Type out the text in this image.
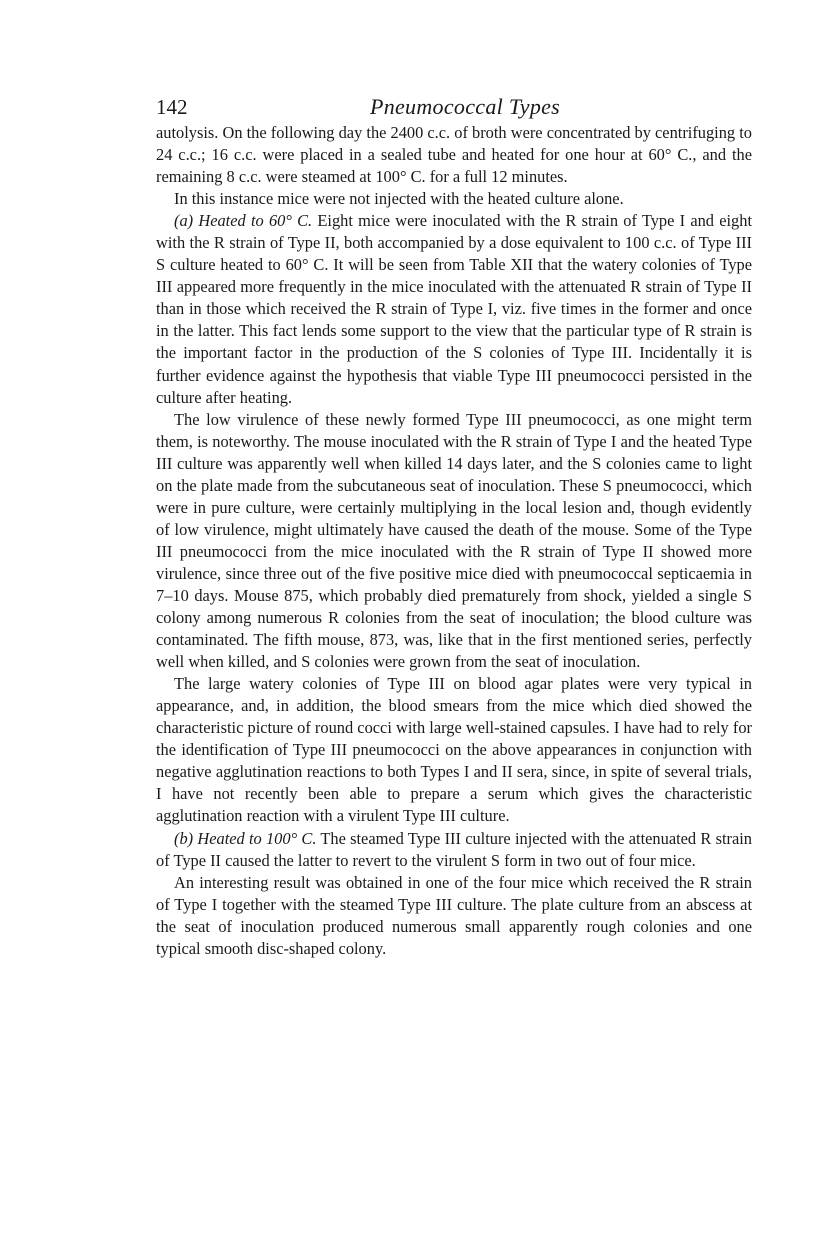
142	Pneumococcal Types

autolysis. On the following day the 2400 c.c. of broth were concentrated by centrifuging to 24 c.c.; 16 c.c. were placed in a sealed tube and heated for one hour at 60° C., and the remaining 8 c.c. were steamed at 100° C. for a full 12 minutes.

In this instance mice were not injected with the heated culture alone.

(a) Heated to 60° C. Eight mice were inoculated with the R strain of Type I and eight with the R strain of Type II, both accompanied by a dose equivalent to 100 c.c. of Type III S culture heated to 60° C. It will be seen from Table XII that the watery colonies of Type III appeared more frequently in the mice inoculated with the attenuated R strain of Type II than in those which received the R strain of Type I, viz. five times in the former and once in the latter. This fact lends some support to the view that the particular type of R strain is the important factor in the production of the S colonies of Type III. Incidentally it is further evidence against the hypothesis that viable Type III pneumococci persisted in the culture after heating.

The low virulence of these newly formed Type III pneumococci, as one might term them, is noteworthy. The mouse inoculated with the R strain of Type I and the heated Type III culture was apparently well when killed 14 days later, and the S colonies came to light on the plate made from the subcutaneous seat of inoculation. These S pneumococci, which were in pure culture, were certainly multiplying in the local lesion and, though evidently of low virulence, might ultimately have caused the death of the mouse. Some of the Type III pneumococci from the mice inoculated with the R strain of Type II showed more virulence, since three out of the five positive mice died with pneumococcal septicaemia in 7–10 days. Mouse 875, which probably died prematurely from shock, yielded a single S colony among numerous R colonies from the seat of inoculation; the blood culture was contaminated. The fifth mouse, 873, was, like that in the first mentioned series, perfectly well when killed, and S colonies were grown from the seat of inoculation.

The large watery colonies of Type III on blood agar plates were very typical in appearance, and, in addition, the blood smears from the mice which died showed the characteristic picture of round cocci with large well-stained capsules. I have had to rely for the identification of Type III pneumococci on the above appearances in conjunction with negative agglutination reactions to both Types I and II sera, since, in spite of several trials, I have not recently been able to prepare a serum which gives the characteristic agglutination reaction with a virulent Type III culture.

(b) Heated to 100° C. The steamed Type III culture injected with the attenuated R strain of Type II caused the latter to revert to the virulent S form in two out of four mice.

An interesting result was obtained in one of the four mice which received the R strain of Type I together with the steamed Type III culture. The plate culture from an abscess at the seat of inoculation produced numerous small apparently rough colonies and one typical smooth disc-shaped colony.
